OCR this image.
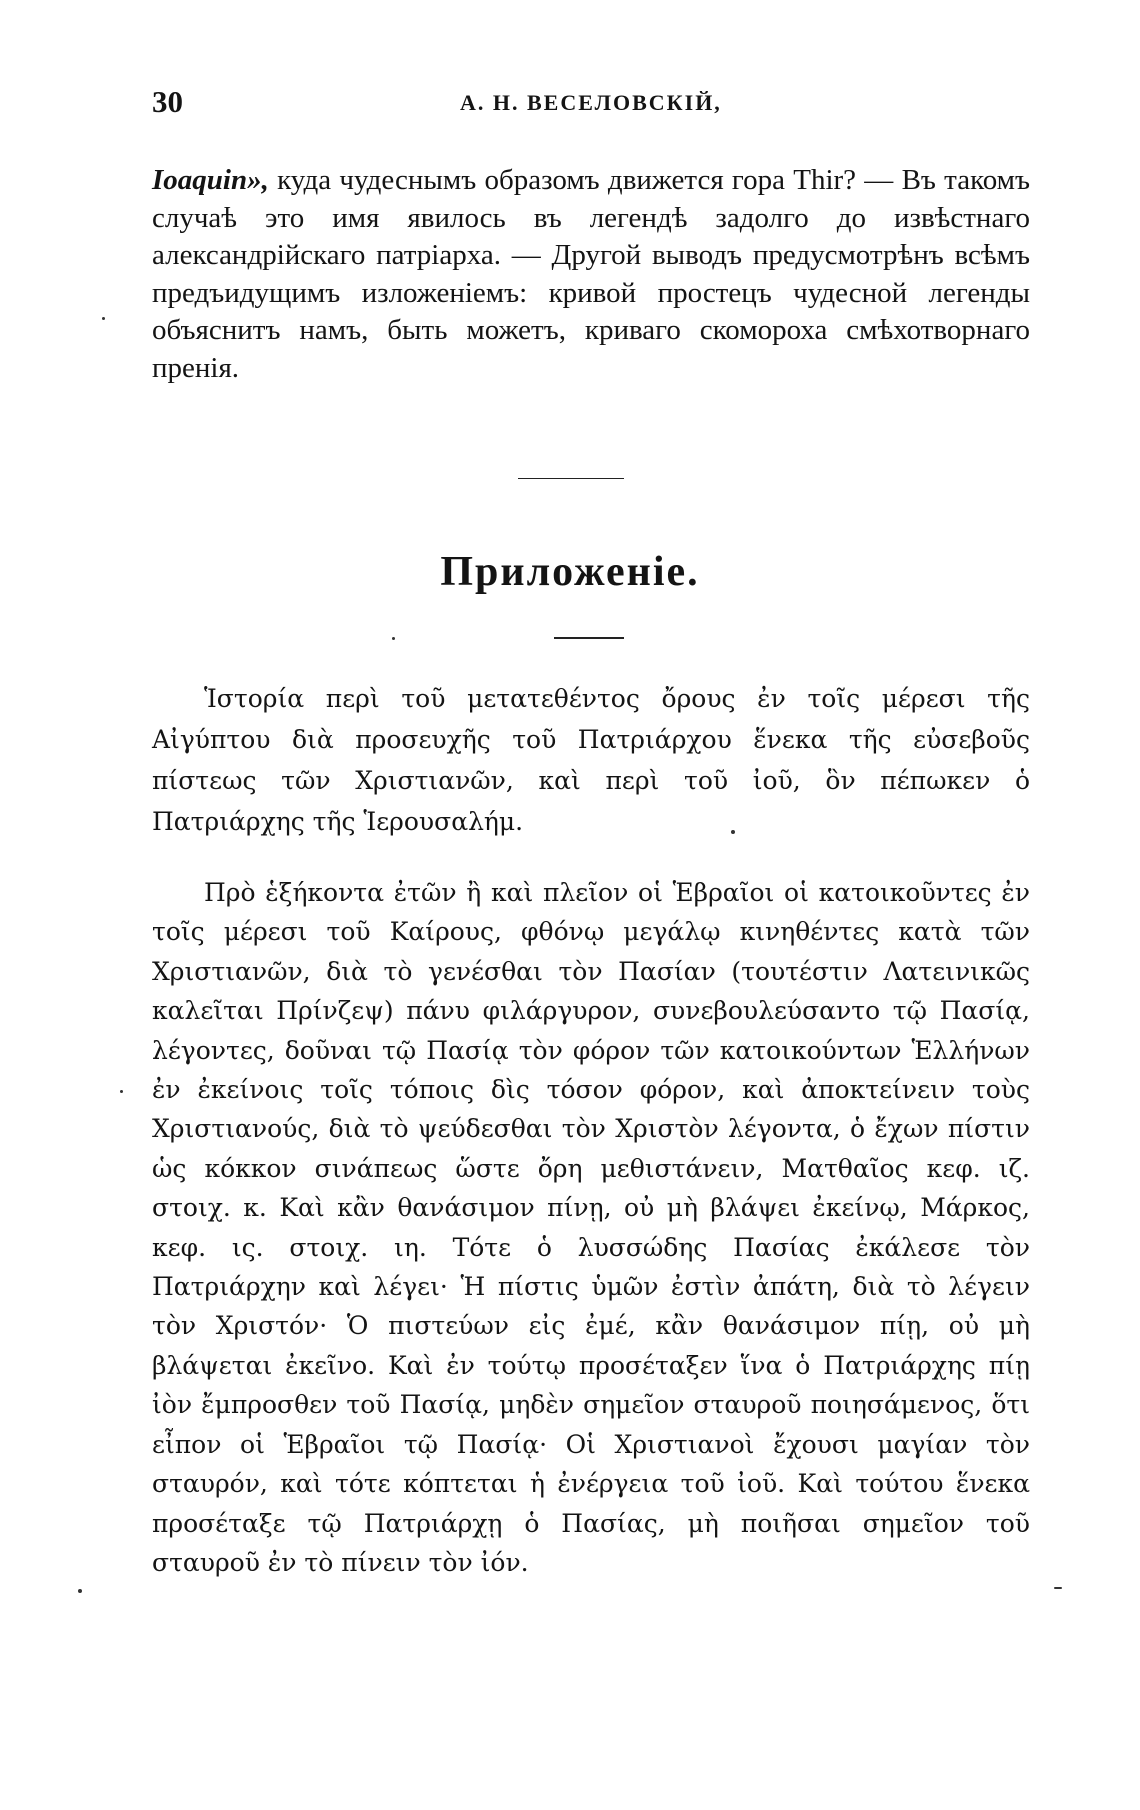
30	А. Н. ВЕСЕЛОВСКІЙ,

Ioaquin», куда чудеснымъ образомъ движется гора Thir? — Въ такомъ случаѣ это имя явилось въ легендѣ задолго до извѣстнаго александрійскаго патріарха. — Другой выводъ предусмотрѣнъ всѣмъ предъидущимъ изложеніемъ: кривой простецъ чудесной легенды объяснитъ намъ, быть можетъ, криваго скомороха смѣхотворнаго пренія.

Приложеніе.

Ἱστορία περὶ τοῦ μετατεθέντος ὄρους ἐν τοῖς μέρεσι τῆς Αἰγύπτου διὰ προσευχῆς τοῦ Πατριάρχου ἕνεκα τῆς εὐσεβοῦς πίστεως τῶν Χριστιανῶν, καὶ περὶ τοῦ ἰοῦ, ὃν πέπωκεν ὁ Πατριάρχης τῆς Ἱερουσαλήμ.

Πρὸ ἑξήκοντα ἐτῶν ἢ καὶ πλεῖον οἱ Ἑβραῖοι οἱ κατοικοῦντες ἐν τοῖς μέρεσι τοῦ Καίρους, φθόνῳ μεγάλῳ κινηθέντες κατὰ τῶν Χριστιανῶν, διὰ τὸ γενέσθαι τὸν Πασίαν (τουτέστιν Λατεινικῶς καλεῖται Πρίνζεψ) πάνυ φιλάργυρον, συνεβουλεύσαντο τῷ Πασίᾳ, λέγοντες, δοῦναι τῷ Πασίᾳ τὸν φόρον τῶν κατοικούντων Ἑλλήνων ἐν ἐκείνοις τοῖς τόποις δὶς τόσον φόρον, καὶ ἀποκτείνειν τοὺς Χριστιανούς, διὰ τὸ ψεύδεσθαι τὸν Χριστὸν λέγοντα, ὁ ἔχων πίστιν ὡς κόκκον σινάπεως ὥστε ὄρη μεθιστάνειν, Ματθαῖος κεφ. ιζ. στοιχ. κ. Καὶ κἂν θανάσιμον πίνῃ, οὐ μὴ βλάψει ἐκείνῳ, Μάρκος, κεφ. ις. στοιχ. ιη. Τότε ὁ λυσσώδης Πασίας ἐκάλεσε τὸν Πατριάρχην καὶ λέγει· Ἡ πίστις ὑμῶν ἐστὶν ἀπάτη, διὰ τὸ λέγειν τὸν Χριστόν· Ὁ πιστεύων εἰς ἐμέ, κἂν θανάσιμον πίῃ, οὐ μὴ βλάψεται ἐκεῖνο. Καὶ ἐν τούτῳ προσέταξεν ἵνα ὁ Πατριάρχης πίῃ ἰὸν ἔμπροσθεν τοῦ Πασίᾳ, μηδὲν σημεῖον σταυροῦ ποιησάμενος, ὅτι εἶπον οἱ Ἑβραῖοι τῷ Πασίᾳ· Οἱ Χριστιανοὶ ἔχουσι μαγίαν τὸν σταυρόν, καὶ τότε κόπτεται ἡ ἐνέργεια τοῦ ἰοῦ. Καὶ τούτου ἕνεκα προσέταξε τῷ Πατριάρχῃ ὁ Πασίας, μὴ ποιῆσαι σημεῖον τοῦ σταυροῦ ἐν τὸ πίνειν τὸν ἰόν.
